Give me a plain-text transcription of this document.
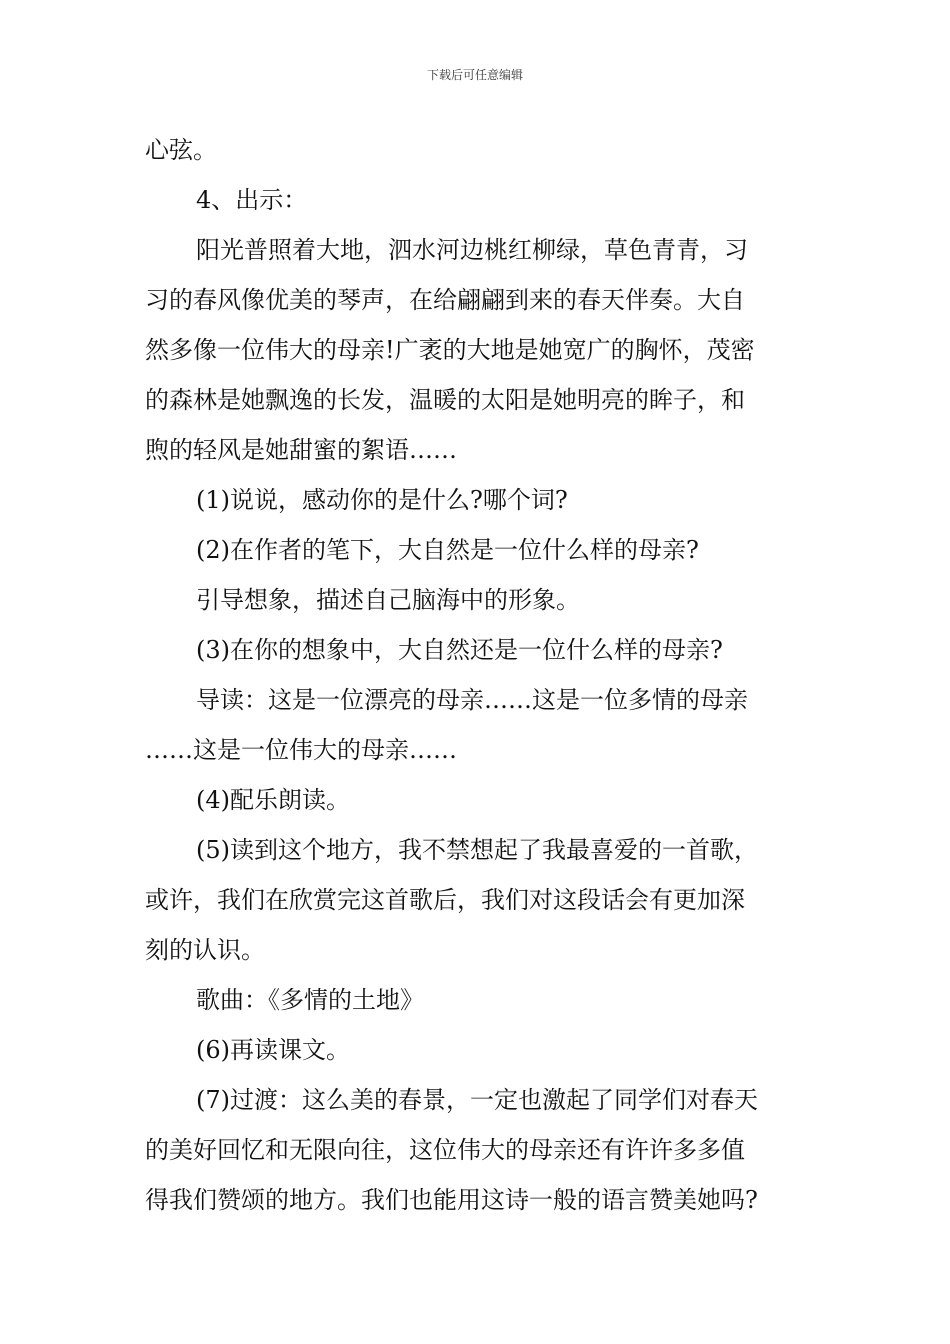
下载后可任意编辑
心弦。
4、出示：
阳光普照着大地，泗水河边桃红柳绿，草色青青，习
习的春风像优美的琴声，在给翩翩到来的春天伴奏。大自
然多像一位伟大的母亲!广袤的大地是她宽广的胸怀，茂密
的森林是她飘逸的长发，温暖的太阳是她明亮的眸子，和
煦的轻风是她甜蜜的絮语……
(1)说说，感动你的是什么?哪个词?
(2)在作者的笔下，大自然是一位什么样的母亲?
引导想象，描述自己脑海中的形象。
(3)在你的想象中，大自然还是一位什么样的母亲?
导读：这是一位漂亮的母亲……这是一位多情的母亲
……这是一位伟大的母亲……
(4)配乐朗读。
(5)读到这个地方，我不禁想起了我最喜爱的一首歌，
或许，我们在欣赏完这首歌后，我们对这段话会有更加深
刻的认识。
歌曲：《多情的土地》
(6)再读课文。
(7)过渡：这么美的春景，一定也激起了同学们对春天
的美好回忆和无限向往，这位伟大的母亲还有许许多多值
得我们赞颂的地方。我们也能用这诗一般的语言赞美她吗?
